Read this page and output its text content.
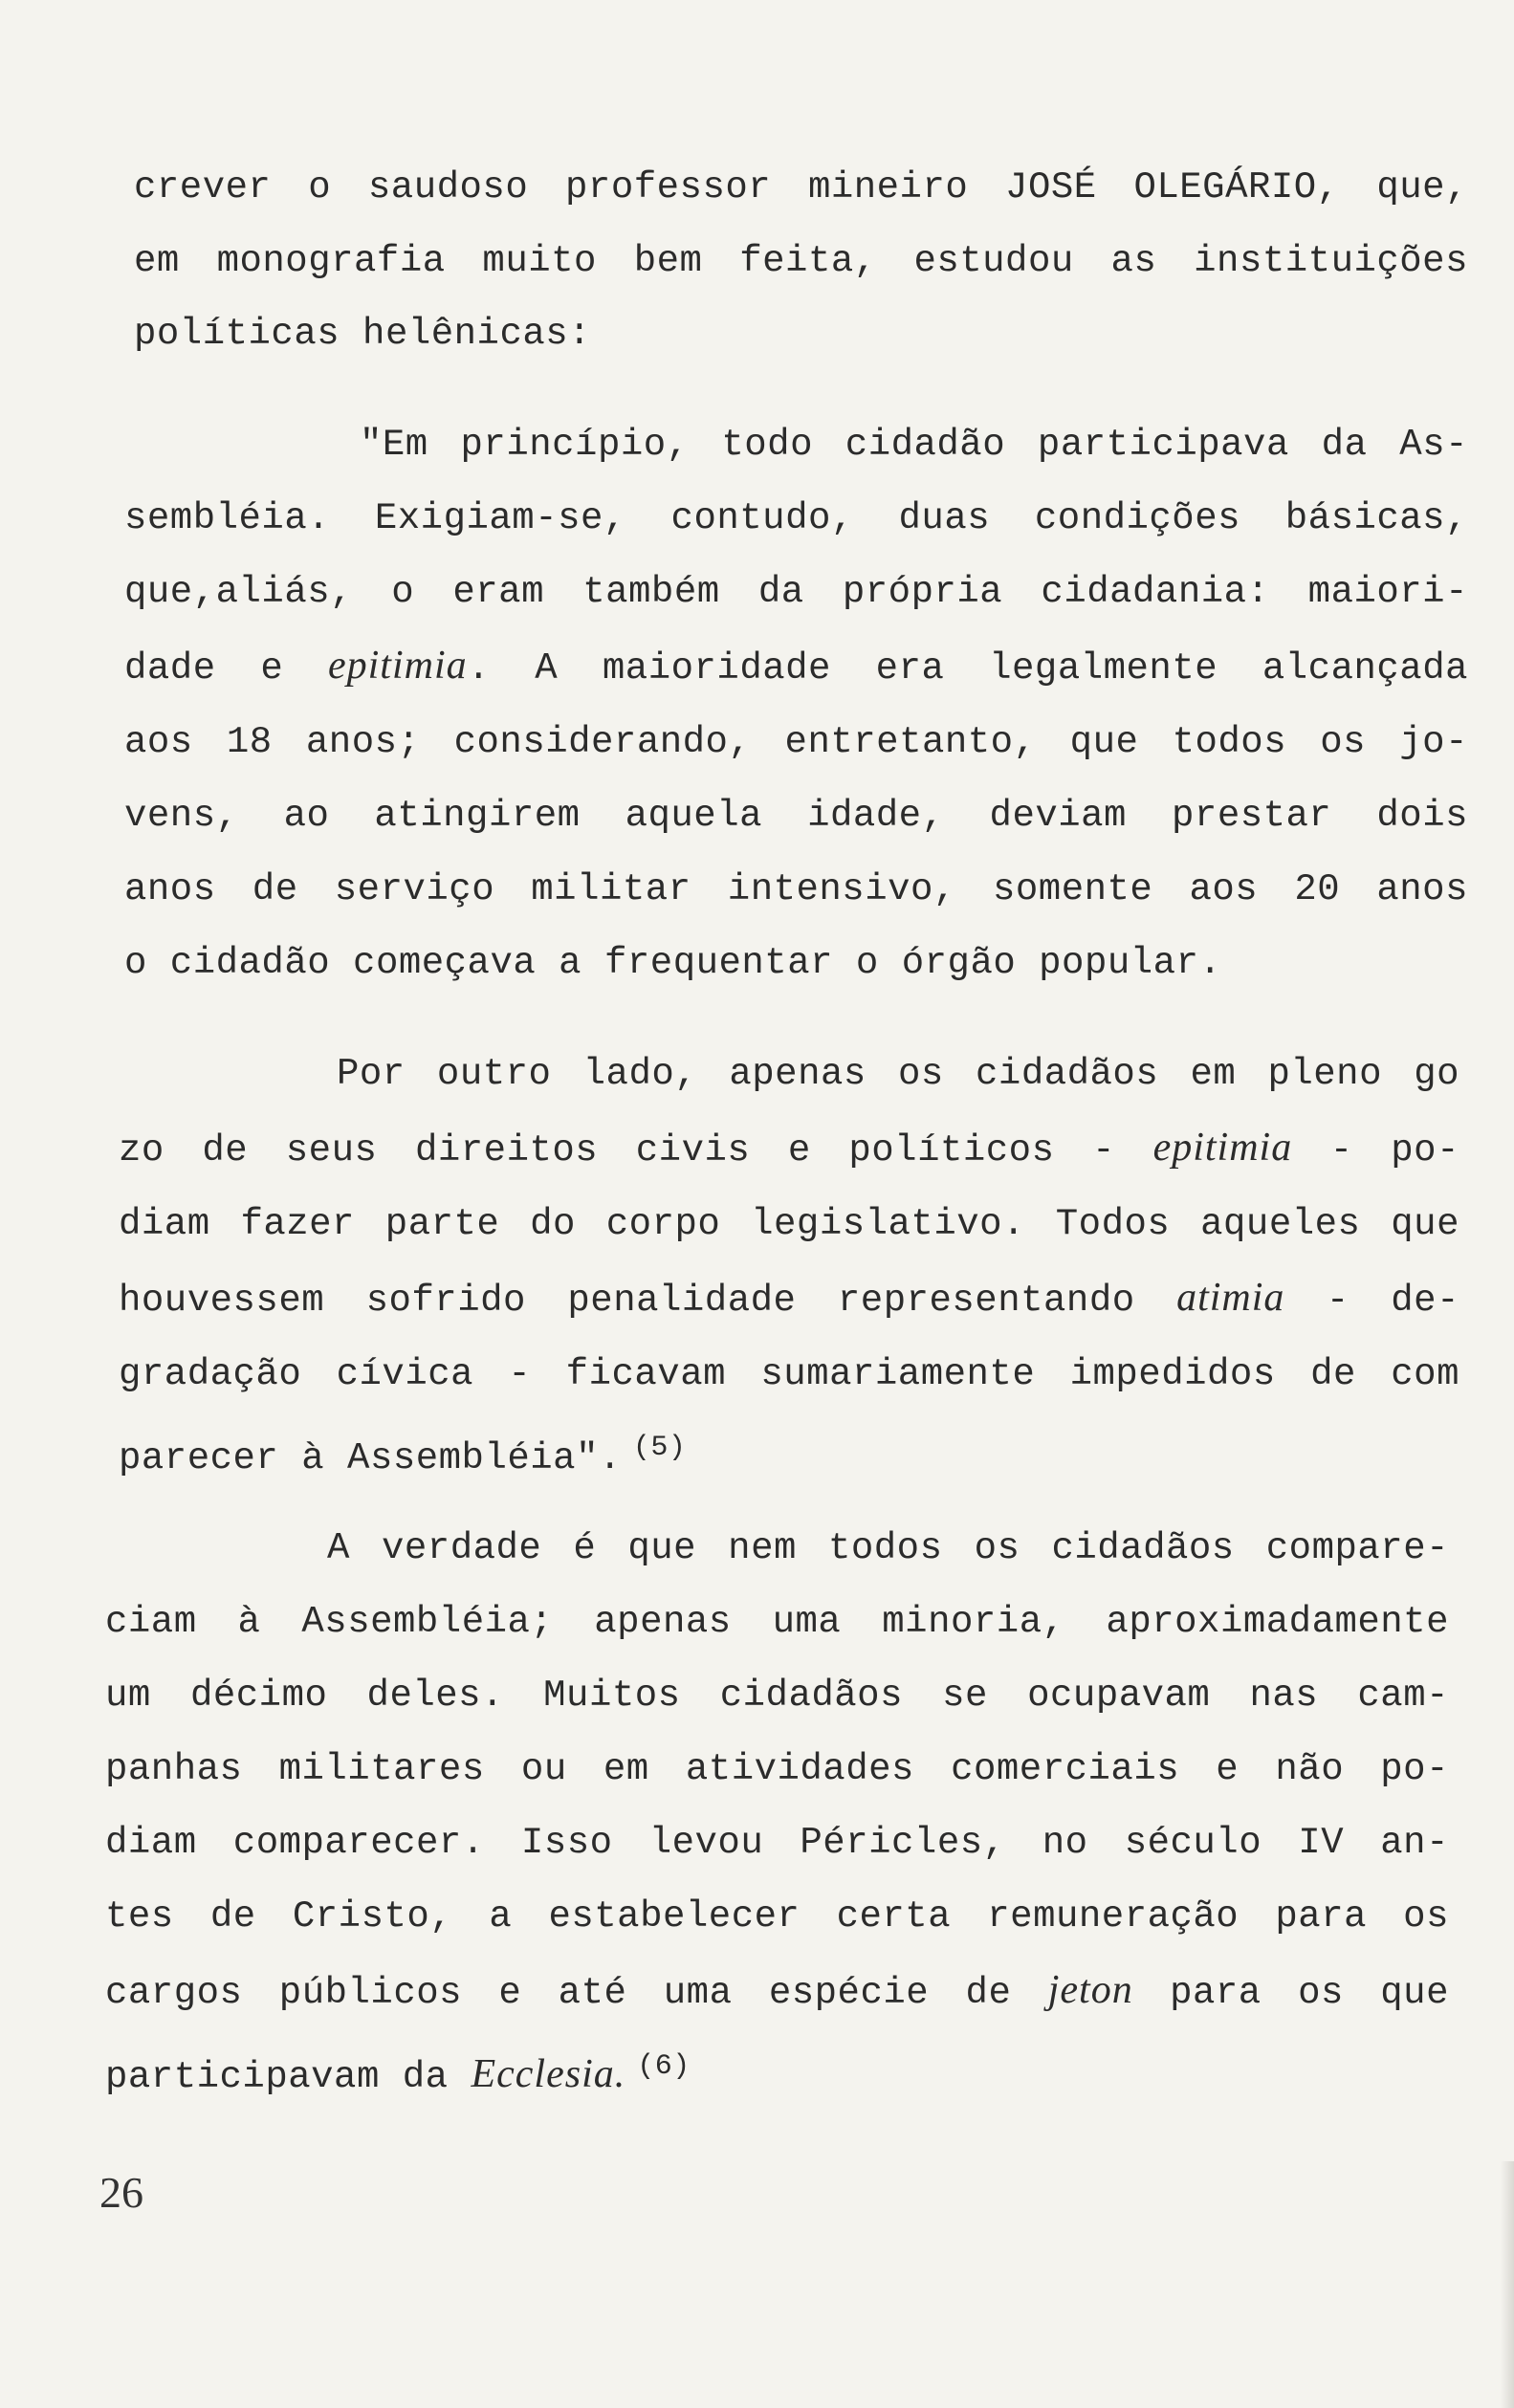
crever o saudoso professor mineiro JOSÉ OLEGÁRIO, que,
em monografia muito bem feita, estudou as instituições
políticas helênicas:
"Em princípio, todo cidadão participava da As-
sembléia. Exigiam-se, contudo, duas condições básicas,
que,aliás, o eram também da própria cidadania: maiori-
dade e epitimia. A maioridade era legalmente alcançada
aos 18 anos; considerando, entretanto, que todos os jo-
vens, ao atingirem aquela idade, deviam prestar dois
anos de serviço militar intensivo, somente aos 20 anos
o cidadão começava a frequentar o órgão popular.
Por outro lado, apenas os cidadãos em pleno go
zo de seus direitos civis e políticos - epitimia - po-
diam fazer parte do corpo legislativo. Todos aqueles que
houvessem sofrido penalidade representando atimia - de-
gradação cívica - ficavam sumariamente impedidos de com
parecer à Assembléia". $^{(5)}$
A verdade é que nem todos os cidadãos compare-
ciam à Assembléia; apenas uma minoria, aproximadamente
um décimo deles. Muitos cidadãos se ocupavam nas cam-
panhas militares ou em atividades comerciais e não po-
diam comparecer. Isso levou Péricles, no século IV an-
tes de Cristo, a estabelecer certa remuneração para os
cargos públicos e até uma espécie de jeton para os que
participavam da Ecclesia. $^{(6)}$
26
